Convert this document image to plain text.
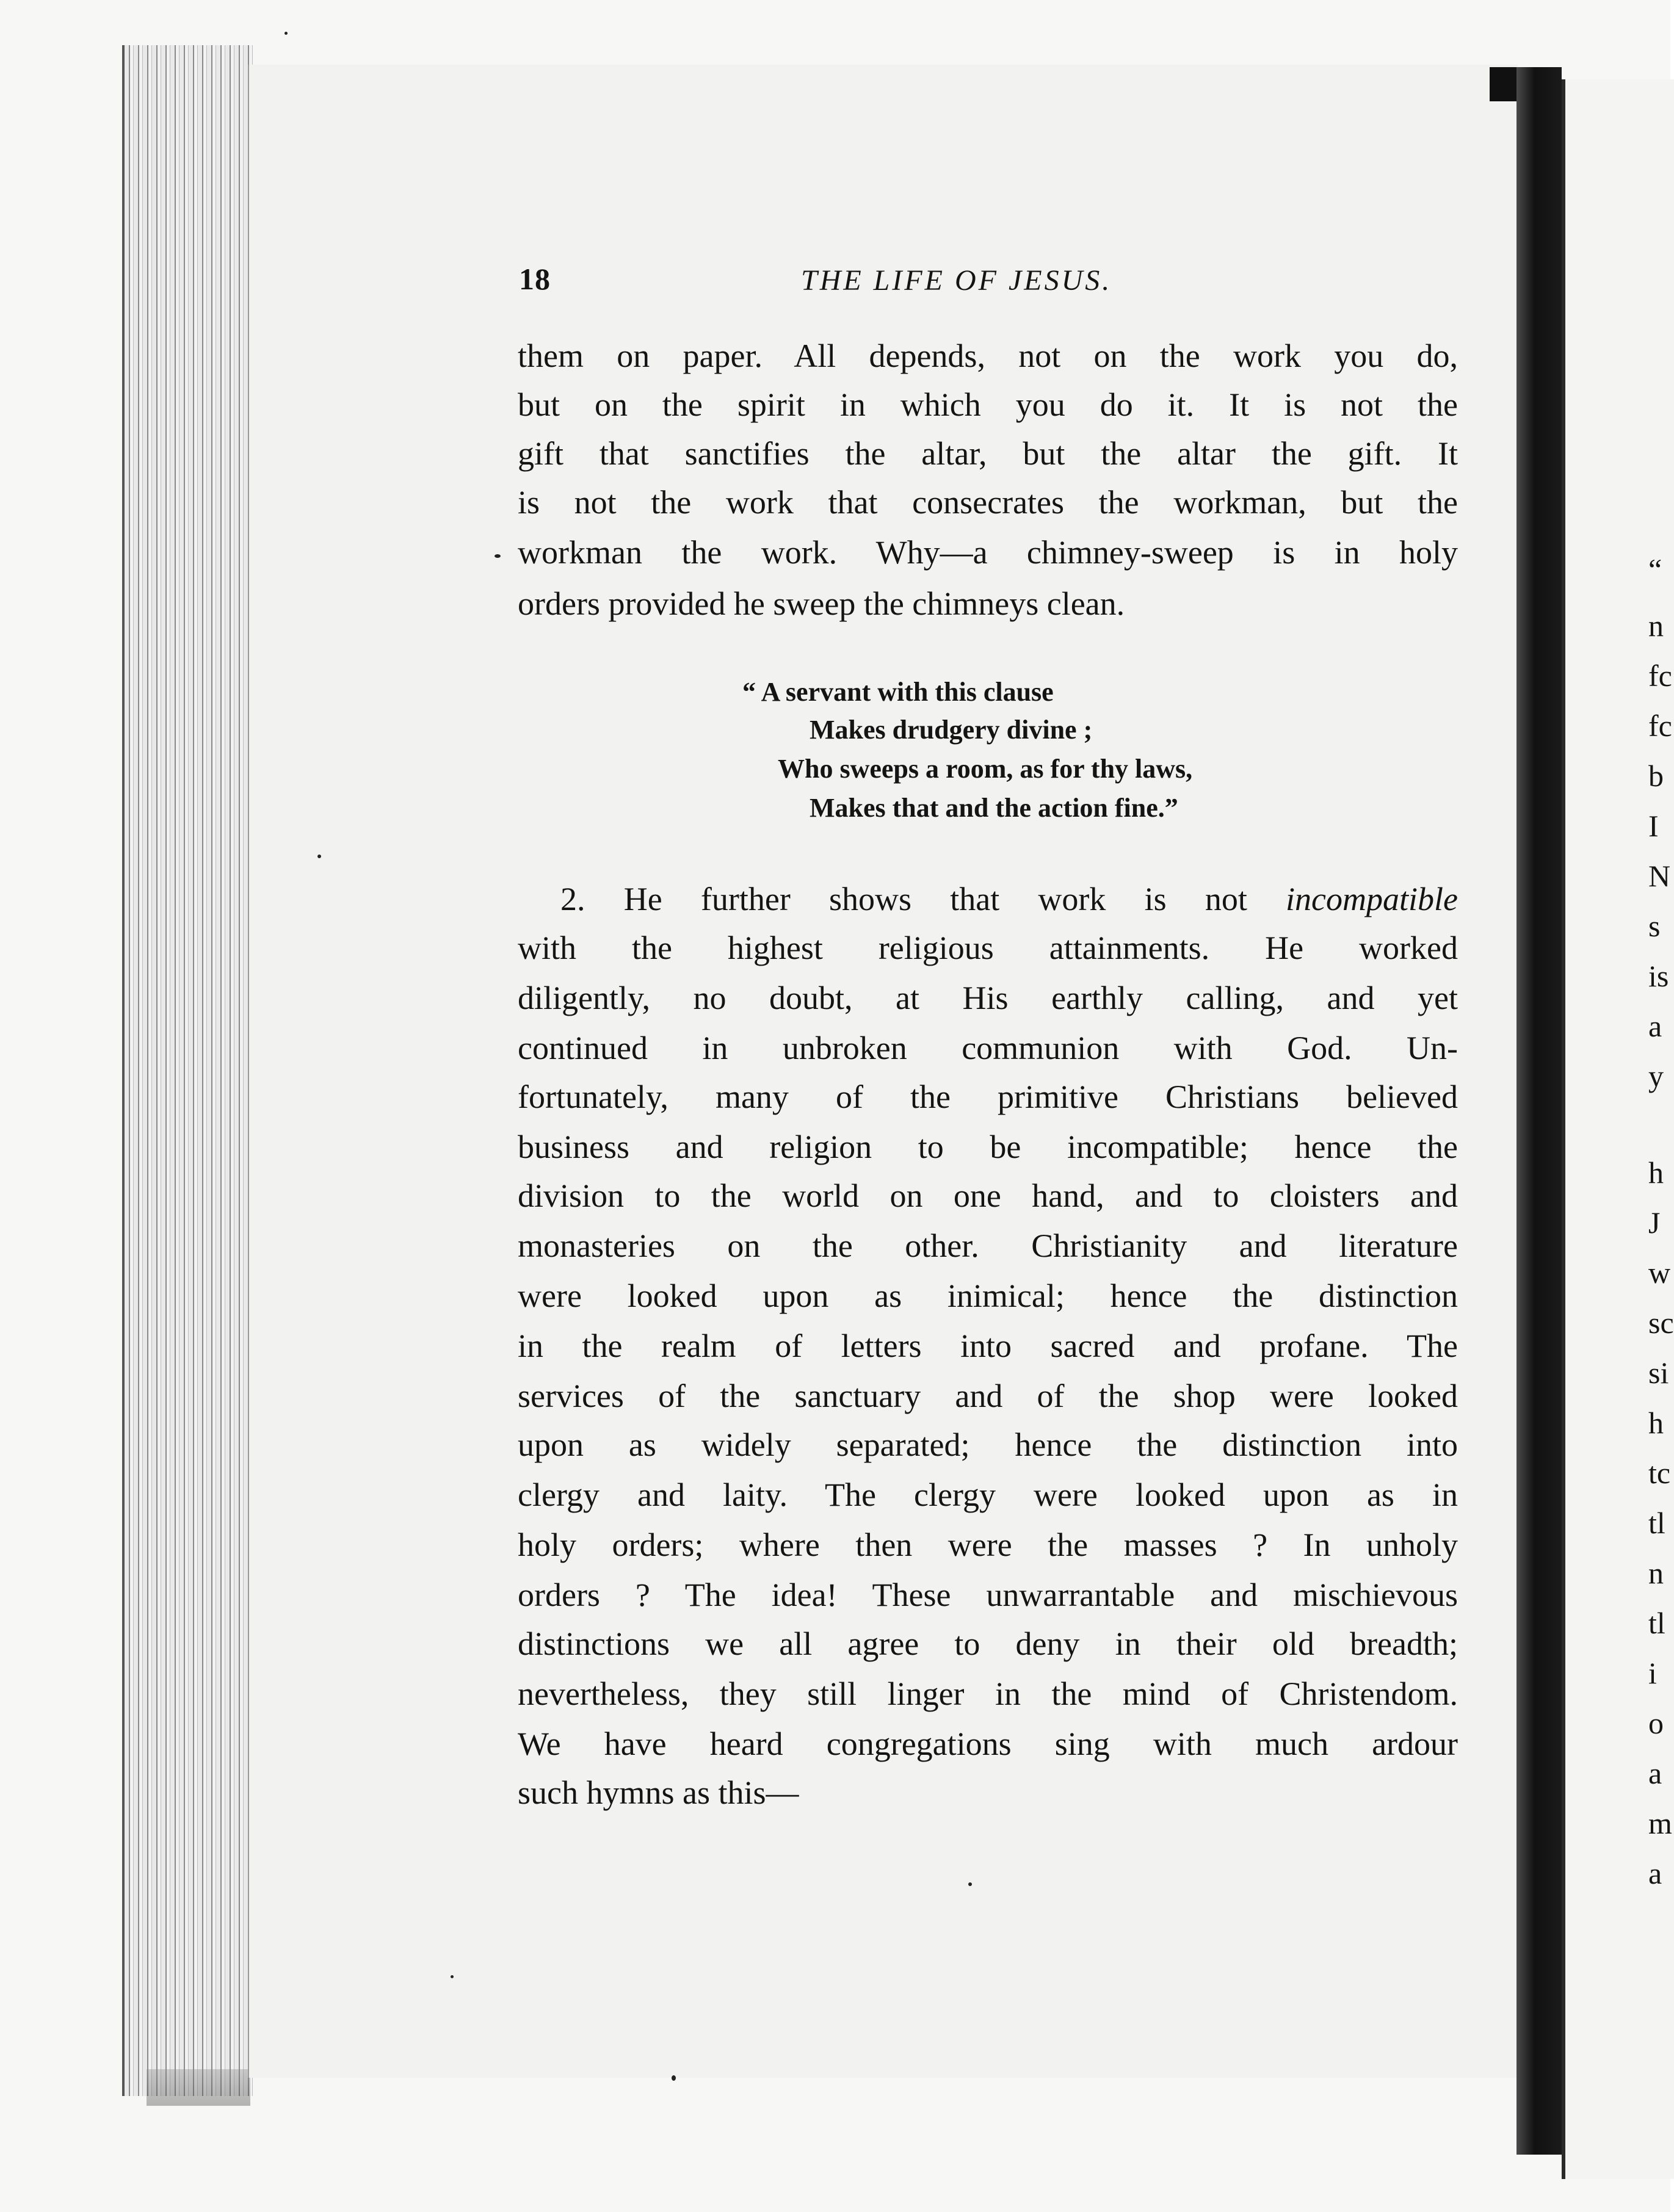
“
n
fc
fc
b
I
N
s
is
a
y
h
J
w
sc
si
h
tc
tl
n
tl
i
o
a
m
a
18	THE LIFE OF JESUS.
them on paper. All depends, not on the work you do,
but on the spirit in which you do it. It is not the
gift that sanctifies the altar, but the altar the gift. It
is not the work that consecrates the workman, but the
workman the work. Why—a chimney-sweep is in holy
orders provided he sweep the chimneys clean.
“ A servant with this clause
Makes drudgery divine ;
Who sweeps a room, as for thy laws,
Makes that and the action fine.”
2. He further shows that work is not incompatible
with the highest religious attainments. He worked
diligently, no doubt, at His earthly calling, and yet
continued in unbroken communion with God. Un-
fortunately, many of the primitive Christians believed
business and religion to be incompatible; hence the
division to the world on one hand, and to cloisters and
monasteries on the other. Christianity and literature
were looked upon as inimical; hence the distinction
in the realm of letters into sacred and profane. The
services of the sanctuary and of the shop were looked
upon as widely separated; hence the distinction into
clergy and laity. The clergy were looked upon as in
holy orders; where then were the masses ? In unholy
orders ? The idea! These unwarrantable and mischievous
distinctions we all agree to deny in their old breadth;
nevertheless, they still linger in the mind of Christendom.
We have heard congregations sing with much ardour
such hymns as this—
